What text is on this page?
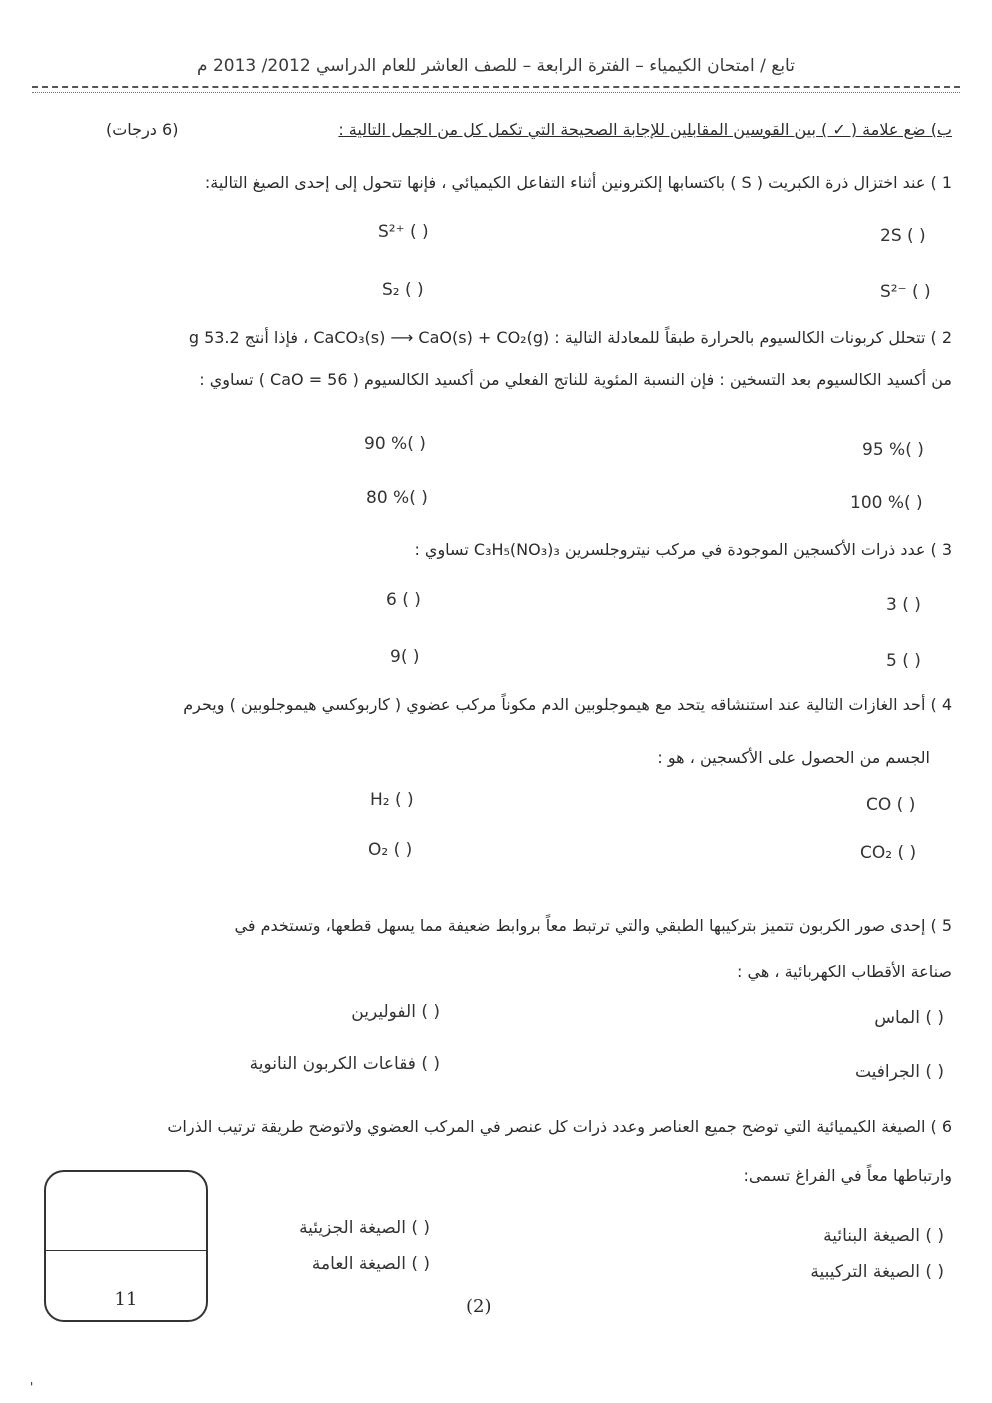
تابع / امتحان الكيمياء – الفترة الرابعة – للصف العاشر للعام الدراسي 2012/ 2013 م
ب) ضع علامة ( ✓ ) بين القوسين المقابلين للإجابة الصحيحة التي تكمل كل من الجمل التالية :
(6 درجات)
1 ) عند اختزال ذرة الكبريت ( S ) باكتسابها إلكترونين أثناء التفاعل الكيميائي ، فإنها تتحول إلى إحدى الصيغ التالية:
2S ( )
S²⁺ ( )
S²⁻ ( )
S₂ ( )
2 ) تتحلل كربونات الكالسيوم بالحرارة طبقاً للمعادلة التالية : CaCO₃(s) ⟶ CaO(s) + CO₂(g) ، فإذا أنتج 53.2 g
من أكسيد الكالسيوم بعد التسخين : فإن النسبة المئوية للناتج الفعلي من أكسيد الكالسيوم ( CaO = 56 ) تساوي :
95 %( )
90 %( )
100 %( )
80 %( )
3 ) عدد ذرات الأكسجين الموجودة في مركب نيتروجلسرين C₃H₅(NO₃)₃ تساوي :
3 ( )
6 ( )
5 ( )
9( )
4 ) أحد الغازات التالية عند استنشاقه يتحد مع هيموجلوبين الدم مكوناً مركب عضوي ( كاربوكسي هيموجلوبين ) ويحرم
الجسم من الحصول على الأكسجين ، هو :
CO ( )
H₂ ( )
CO₂ ( )
O₂ ( )
5 ) إحدى صور الكربون تتميز بتركيبها الطبقي والتي ترتبط معاً بروابط ضعيفة مما يسهل قطعها، وتستخدم في
صناعة الأقطاب الكهربائية ، هي :
( ) الماس
( ) الفوليرين
( ) الجرافيت
( ) فقاعات الكربون النانوية
6 ) الصيغة الكيميائية التي توضح جميع العناصر وعدد ذرات كل عنصر في المركب العضوي ولاتوضح طريقة ترتيب الذرات
وارتباطها معاً في الفراغ تسمى:
( ) الصيغة البنائية
( ) الصيغة الجزيئية
( ) الصيغة التركيبية
( ) الصيغة العامة
11	(2)
'
